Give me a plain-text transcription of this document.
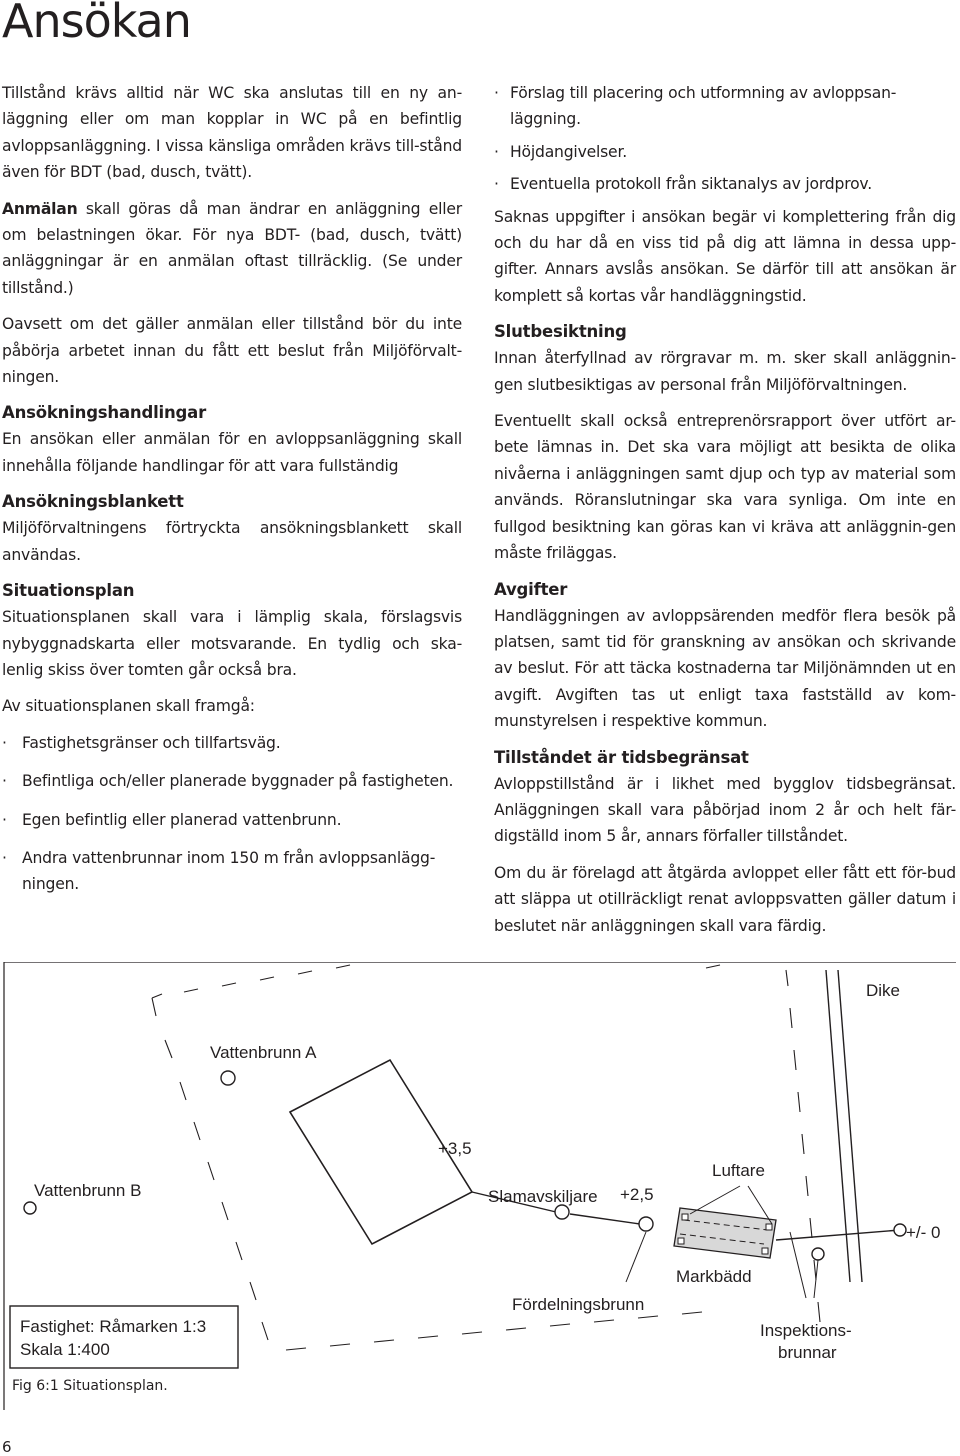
Ansökan

Tillstånd krävs alltid när WC ska anslutas till en ny an-läggning eller om man kopplar in WC på en befintlig avloppsanläggning. I vissa känsliga områden krävs till-stånd även för BDT (bad, dusch, tvätt).

Anmälan skall göras då man ändrar en anläggning eller om belastningen ökar. För nya BDT- (bad, dusch, tvätt) anläggningar är en anmälan oftast tillräcklig. (Se under tillstånd.)

Oavsett om det gäller anmälan eller tillstånd bör du inte påbörja arbetet innan du fått ett beslut från Miljöförvalt-ningen.

Ansökningshandlingar

En ansökan eller anmälan för en avloppsanläggning skall innehålla följande handlingar för att vara fullständig

Ansökningsblankett

Miljöförvaltningens förtryckta ansökningsblankett skall användas.

Situationsplan

Situationsplanen skall vara i lämplig skala, förslagsvis nybyggnadskarta eller motsvarande. En tydlig och ska-lenlig skiss över tomten går också bra.

Av situationsplanen skall framgå:

· Fastighetsgränser och tillfartsväg.
· Befintliga och/eller planerade byggnader på fastigheten.
· Egen befintlig eller planerad vattenbrunn.
· Andra vattenbrunnar inom 150 m från avloppsanlägg-ningen.
· Förslag till placering och utformning av avloppsan-läggning.
· Höjdangivelser.
· Eventuella protokoll från siktanalys av jordprov.

Saknas uppgifter i ansökan begär vi komplettering från dig och du har då en viss tid på dig att lämna in dessa upp-gifter. Annars avslås ansökan. Se därför till att ansökan är komplett så kortas vår handläggningstid.

Slutbesiktning

Innan återfyllnad av rörgravar m. m. sker skall anläggnin-gen slutbesiktigas av personal från Miljöförvaltningen.

Eventuellt skall också entreprenörsrapport över utfört ar-bete lämnas in. Det ska vara möjligt att besikta de olika nivåerna i anläggningen samt djup och typ av material som används. Röranslutningar ska vara synliga. Om inte en fullgod besiktning kan göras kan vi kräva att anläggnin-gen måste friläggas.

Avgifter

Handläggningen av avloppsärenden medför flera besök på platsen, samt tid för granskning av ansökan och skrivande av beslut. För att täcka kostnaderna tar Miljönämnden ut en avgift. Avgiften tas ut enligt taxa fastställd av kom-munstyrelsen i respektive kommun.

Tillståndet är tidsbegränsat

Avloppstillstånd är i likhet med bygglov tidsbegränsat. Anläggningen skall vara påbörjad inom 2 år och helt fär-digställd inom 5 år, annars förfaller tillståndet.

Om du är förelagd att åtgärda avloppet eller fått ett för-bud att släppa ut otillräckligt renat avloppsvatten gäller datum i beslutet när anläggningen skall vara färdig.

Dike
+3,5
Vattenbrunn A
Vattenbrunn B	Slamavskiljare +2,5
Fördelningsbrunn
Markbädd
Luftare
+/- 0
Inspektions-
brunnar
Fastighet: Råmarken 1:3
Skala 1:400
Fig 6:1 Situationsplan.
6
